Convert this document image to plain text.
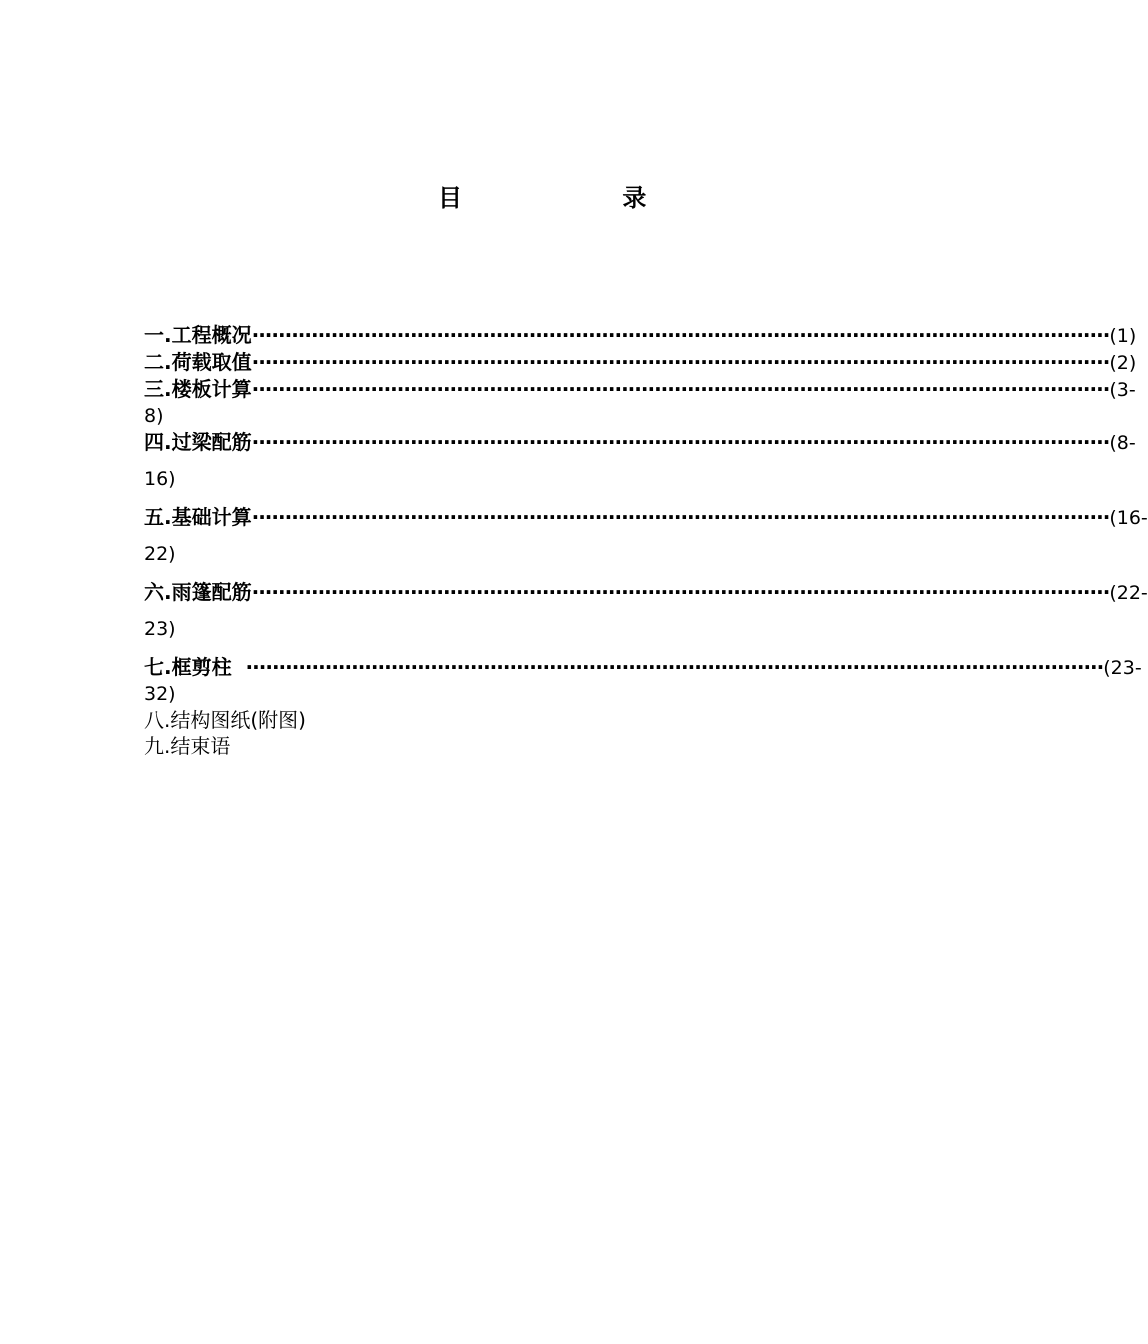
目 录
一. 工程概况 ·································································································································· (1)
二. 荷载取值 ·································································································································· (2)
三. 楼板计算 ·································································································································· (3-
8)
四. 过梁配筋 ·································································································································· (8-
16)
五. 基础计算 ·································································································································· (16-
22)
六. 雨篷配筋 ·································································································································· (22-
23)
七. 框剪柱 ·································································································································· (23-
32)
八. 结构图纸(附图)
九. 结束语
